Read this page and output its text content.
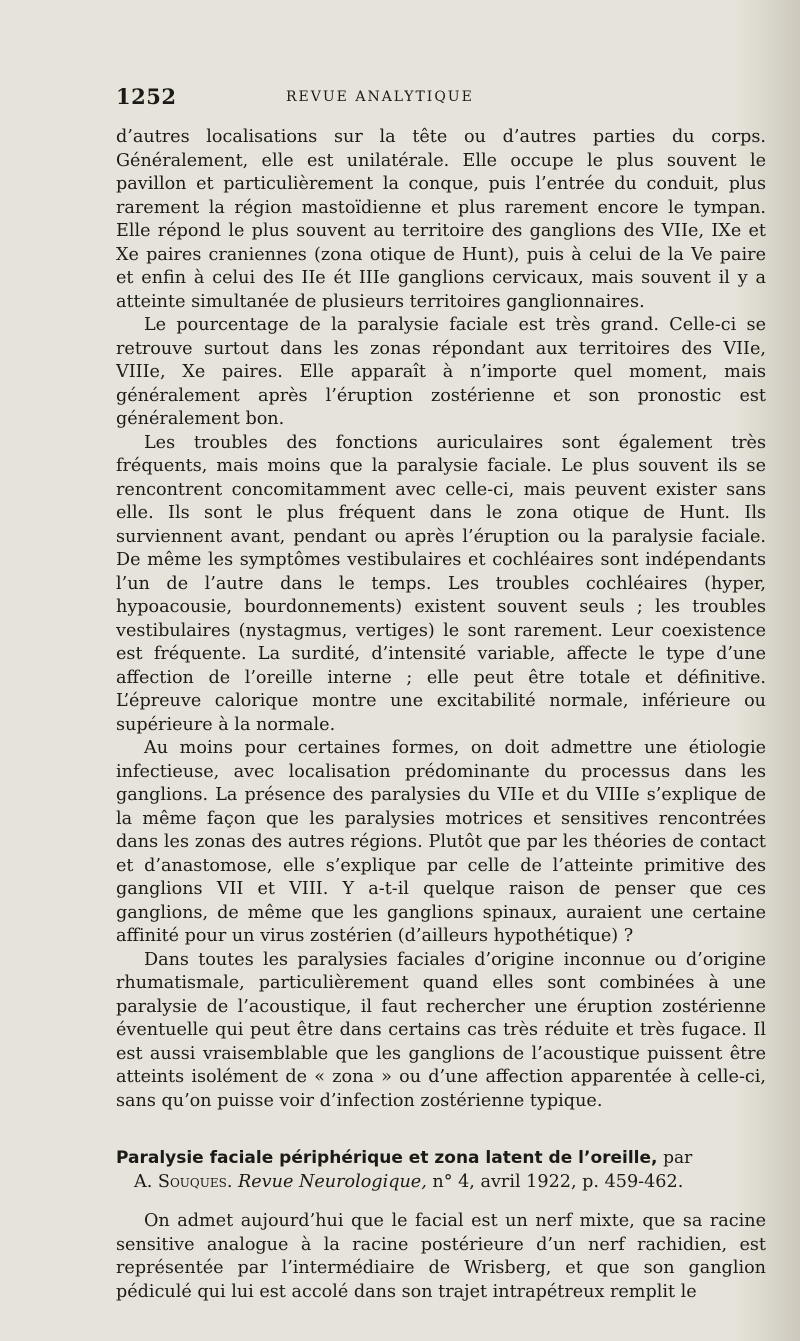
1252	REVUE ANALYTIQUE

d’autres localisations sur la tête ou d’autres parties du corps. Généralement, elle est unilatérale. Elle occupe le plus souvent le pavillon et particulièrement la conque, puis l’entrée du conduit, plus rarement la région mastoïdienne et plus rarement encore le tympan. Elle répond le plus souvent au territoire des ganglions des VIIe, IXe et Xe paires craniennes (zona otique de Hunt), puis à celui de la Ve paire et enfin à celui des IIe ét IIIe ganglions cervicaux, mais souvent il y a atteinte simultanée de plusieurs territoires ganglionnaires.

Le pourcentage de la paralysie faciale est très grand. Celle-ci se retrouve surtout dans les zonas répondant aux territoires des VIIe, VIIIe, Xe paires. Elle apparaît à n’importe quel moment, mais généralement après l’éruption zostérienne et son pronostic est généralement bon.

Les troubles des fonctions auriculaires sont également très fréquents, mais moins que la paralysie faciale. Le plus souvent ils se rencontrent concomitamment avec celle-ci, mais peuvent exister sans elle. Ils sont le plus fréquent dans le zona otique de Hunt. Ils surviennent avant, pendant ou après l’éruption ou la paralysie faciale. De même les symptômes vestibulaires et cochléaires sont indépendants l’un de l’autre dans le temps. Les troubles cochléaires (hyper, hypoacousie, bourdonnements) existent souvent seuls ; les troubles vestibulaires (nystagmus, vertiges) le sont rarement. Leur coexistence est fréquente. La surdité, d’intensité variable, affecte le type d’une affection de l’oreille interne ; elle peut être totale et définitive. L’épreuve calorique montre une excitabilité normale, inférieure ou supérieure à la normale.

Au moins pour certaines formes, on doit admettre une étiologie infectieuse, avec localisation prédominante du processus dans les ganglions. La présence des paralysies du VIIe et du VIIIe s’explique de la même façon que les paralysies motrices et sensitives rencontrées dans les zonas des autres régions. Plutôt que par les théories de contact et d’anastomose, elle s’explique par celle de l’atteinte primitive des ganglions VII et VIII. Y a-t-il quelque raison de penser que ces ganglions, de même que les ganglions spinaux, auraient une certaine affinité pour un virus zostérien (d’ailleurs hypothétique) ?

Dans toutes les paralysies faciales d’origine inconnue ou d’origine rhumatismale, particulièrement quand elles sont combinées à une paralysie de l’acoustique, il faut rechercher une éruption zostérienne éventuelle qui peut être dans certains cas très réduite et très fugace. Il est aussi vraisemblable que les ganglions de l’acoustique puissent être atteints isolément de « zona » ou d’une affection apparentée à celle-ci, sans qu’on puisse voir d’infection zostérienne typique.

Paralysie faciale périphérique et zona latent de l’oreille, par
A. Souques. Revue Neurologique, n° 4, avril 1922, p. 459-462.

On admet aujourd’hui que le facial est un nerf mixte, que sa racine sensitive analogue à la racine postérieure d’un nerf rachidien, est représentée par l’intermédiaire de Wrisberg, et que son ganglion pédiculé qui lui est accolé dans son trajet intrapétreux remplit le
